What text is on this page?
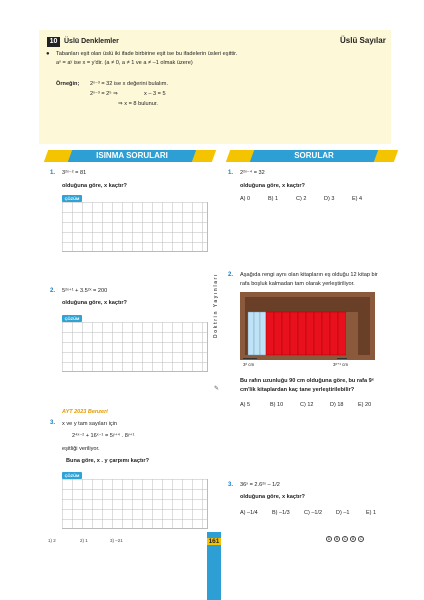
10 Üslü Denklemler	Üslü Sayılar
● Tabanları eşit olan üslü iki ifade birbirine eşit ise bu ifadelerin üsleri eşittir.
aˣ = aʸ ise x = y'dir. (a ≠ 0, a ≠ 1 ve a ≠ –1 olmak üzere)
Örneğin; 2ˣ⁻³ = 32 ise x değerini bulalım.
2ˣ⁻³ = 2⁵ ⇒	x – 3 = 5
⇒ x = 8 bulunur.
ISINMA SORULARI	SORULAR
1. 3²ˣ⁻² = 81
olduğuna göre, x kaçtır?
ÇÖZÜM
2. 5²ˣ⁺¹ + 3.5²ˣ = 200
olduğuna göre, x kaçtır?
ÇÖZÜM
AYT 2023 Benzeri
3. x ve y tam sayıları için
2⁴ˣ⁻² + 16ˣ⁻¹ = 5ʸ⁺⁴ . 8ʸ⁺¹
eşitliği veriliyor.
Buna göre, x . y çarpımı kaçtır?
ÇÖZÜM
Doktrin Yayınları
✎
1. 2²ˣ⁻⁴ = 32
olduğuna göre, x kaçtır?
A) 0	B) 1	C) 2	D) 3	E) 4
2. Aşağıda rengi aynı olan kitapların eş olduğu 12 kitap bir
rafa boşluk kalmadan tam olarak yerleştiriliyor.
3ˣ cm	3ˣ⁺¹ cm
Bu rafın uzunluğu 90 cm olduğuna göre, bu rafa 9ˣ
cm'lik kitaplardan kaç tane yerleştirilebilir?
A) 5	B) 10	C) 12	D) 18	E) 20
3. 36ˣ = 2.6²ˣ – 1/2
olduğuna göre, x kaçtır?
A) –1/4	B) –1/3	C) –1/2	D) –1	E) 1
1) 2	2) 1	3) –21	161	D B C B C
